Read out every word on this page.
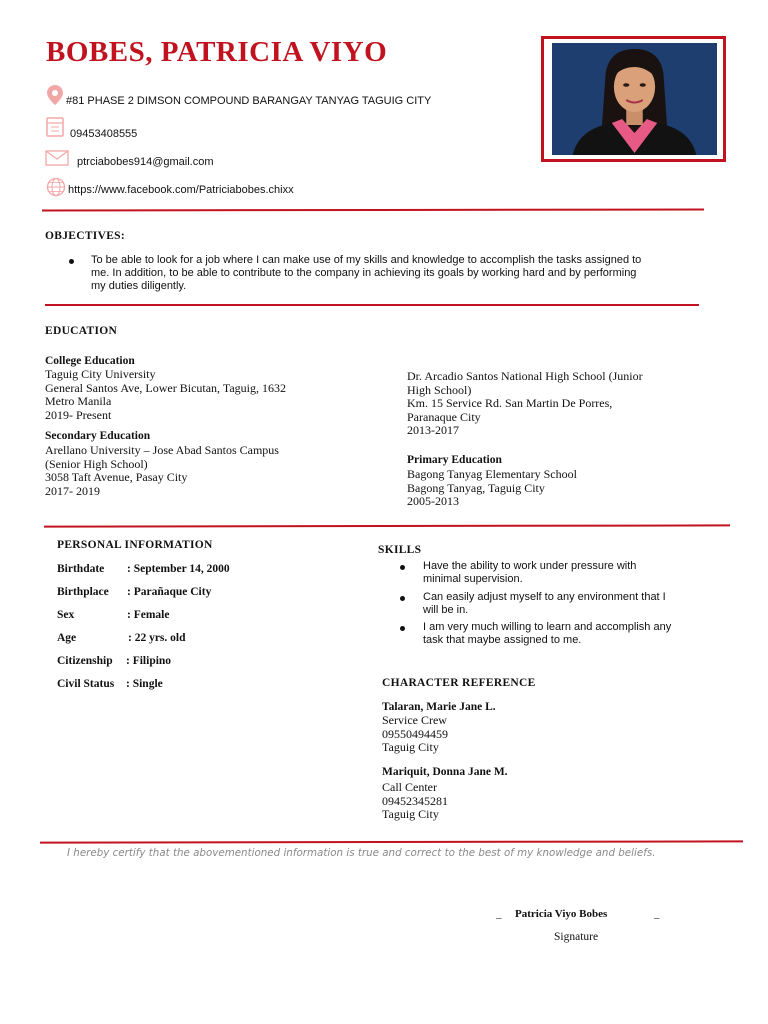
BOBES, PATRICIA VIYO
#81 PHASE 2 DIMSON COMPOUND BARANGAY TANYAG TAGUIG CITY
09453408555
ptrciabobes914@gmail.com
https://www.facebook.com/Patriciabobes.chixx
OBJECTIVES:
To be able to look for a job where I can make use of my skills and knowledge to accomplish the tasks assigned to
me. In addition, to be able to contribute to the company in achieving its goals by working hard and by performing
my duties diligently.
EDUCATION
College Education
Taguig City University
General Santos Ave, Lower Bicutan, Taguig, 1632
Metro Manila
2019- Present
Secondary Education
Arellano University – Jose Abad Santos Campus
(Senior High School)
3058 Taft Avenue, Pasay City
2017- 2019
Dr. Arcadio Santos National High School (Junior
High School)
Km. 15 Service Rd. San Martin De Porres,
Paranaque City
2013-2017
Primary Education
Bagong Tanyag Elementary School
Bagong Tanyag, Taguig City
2005-2013
PERSONAL INFORMATION
Birthdate : September 14, 2000
Birthplace : Parañaque City
Sex	: Female
Age	: 22 yrs. old
Citizenship : Filipino
Civil Status : Single
SKILLS
Have the ability to work under pressure with
minimal supervision.
Can easily adjust myself to any environment that I
will be in.
I am very much willing to learn and accomplish any
task that maybe assigned to me.
CHARACTER REFERENCE
Talaran, Marie Jane L.
Service Crew
09550494459
Taguig City
Mariquit, Donna Jane M.
Call Center
09452345281
Taguig City
I hereby certify that the abovementioned information is true and correct to the best of my knowledge and beliefs.
_ Patricia Viyo Bobes	_
Signature
